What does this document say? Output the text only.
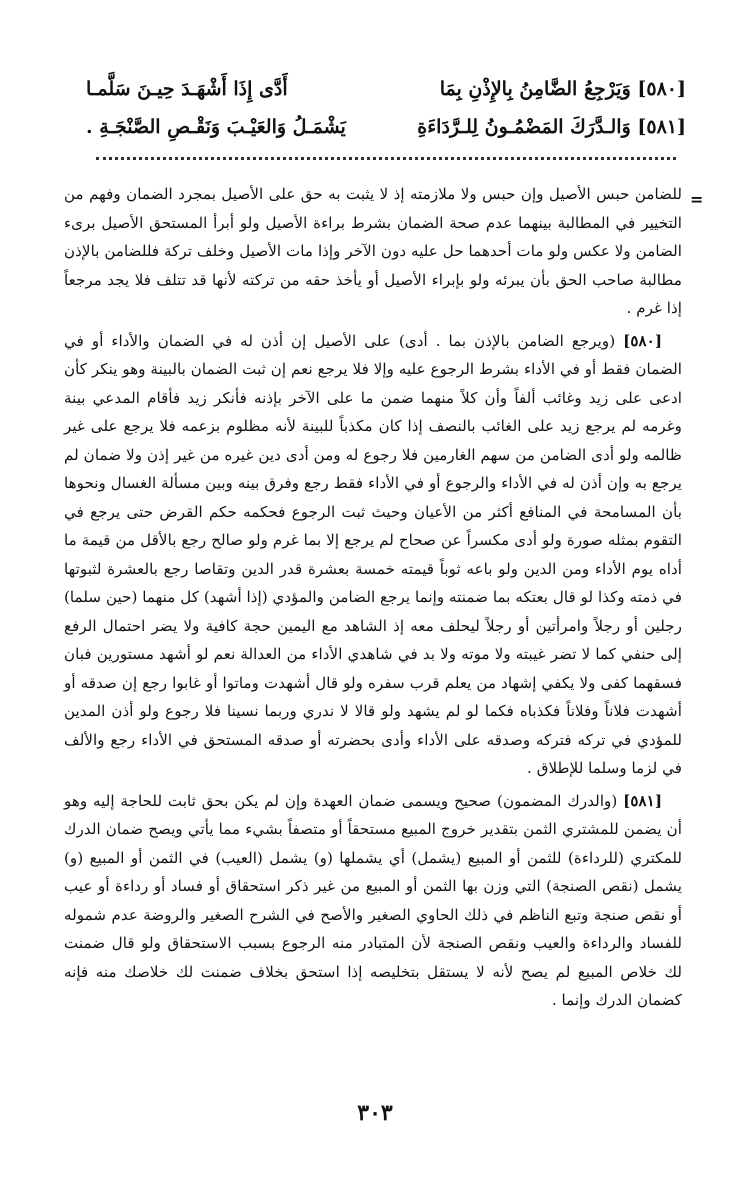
[٥٨٠] وَيَرْجِعُ الضَّامِنُ بِالإِذْنِ بِمَا
أَدَّى إِذَا أَشْهَـدَ حِيـنَ سَلَّمـا
[٥٨١] وَالـدَّرَكَ المَضْمُـونُ لِلـرَّدَاءَةِ
يَشْمَـلُ وَالعَيْـبَ وَنَقْـصِ الصَّنْجَـةِ .
=

للضامن حبس الأصيل وإن حبس ولا ملازمته إذ لا يثبت به حق على الأصيل بمجرد الضمان وفهم من التخيير في المطالبة بينهما عدم صحة الضمان بشرط براءة الأصيل ولو أبرأ المستحق الأصيل برىء الضامن ولا عكس ولو مات أحدهما حل عليه دون الآخر وإذا مات الأصيل وخلف تركة فللضامن بالإذن مطالبة صاحب الحق بأن يبرئه ولو بإبراء الأصيل أو يأخذ حقه من تركته لأنها قد تتلف فلا يجد مرجعاً إذا غرم .

[٥٨٠] (ويرجع الضامن بالإذن بما . أدى) على الأصيل إن أذن له في الضمان والأداء أو في الضمان فقط أو في الأداء بشرط الرجوع عليه وإلا فلا يرجع نعم إن ثبت الضمان بالبينة وهو ينكر كأن ادعى على زيد وغائب ألفاً وأن كلاً منهما ضمن ما على الآخر بإذنه فأنكر زيد فأقام المدعي بينة وغرمه لم يرجع زيد على الغائب بالنصف إذا كان مكذباً للبينة لأنه مظلوم بزعمه فلا يرجع على غير ظالمه ولو أدى الضامن من سهم الغارمين فلا رجوع له ومن أدى دين غيره من غير إذن ولا ضمان لم يرجع به وإن أذن له في الأداء والرجوع أو في الأداء فقط رجع وفرق بينه وبين مسألة الغسال ونحوها بأن المسامحة في المنافع أكثر من الأعيان وحيث ثبت الرجوع فحكمه حكم القرض حتى يرجع في التقوم بمثله صورة ولو أدى مكسراً عن صحاح لم يرجع إلا بما غرم ولو صالح رجع بالأقل من قيمة ما أداه يوم الأداء ومن الدين ولو باعه ثوباً قيمته خمسة بعشرة قدر الدين وتقاصا رجع بالعشرة لثبوتها في ذمته وكذا لو قال بعتكه بما ضمنته وإنما يرجع الضامن والمؤدي (إذا أشهد) كل منهما (حين سلما) رجلين أو رجلاً وامرأتين أو رجلاً ليحلف معه إذ الشاهد مع اليمين حجة كافية ولا يضر احتمال الرفع إلى حنفي كما لا تضر غيبته ولا موته ولا بد في شاهدي الأداء من العدالة نعم لو أشهد مستورين فبان فسقهما كفى ولا يكفي إشهاد من يعلم قرب سفره ولو قال أشهدت وماتوا أو غابوا رجع إن صدقه أو أشهدت فلاناً وفلاناً فكذباه فكما لو لم يشهد ولو قالا لا ندري وربما نسينا فلا رجوع ولو أذن المدين للمؤدي في تركه فتركه وصدقه على الأداء وأدى بحضرته أو صدقه المستحق في الأداء رجع والألف في لزما وسلما للإطلاق .

[٥٨١] (والدرك المضمون) صحيح ويسمى ضمان العهدة وإن لم يكن بحق ثابت للحاجة إليه وهو أن يضمن للمشتري الثمن بتقدير خروج المبيع مستحقاً أو متصفاً بشيء مما يأتي ويصح ضمان الدرك للمكتري (للرداءة) للثمن أو المبيع (يشمل) أي يشملها (و) يشمل (العيب) في الثمن أو المبيع (و) يشمل (نقص الصنجة) التي وزن بها الثمن أو المبيع من غير ذكر استحقاق أو فساد أو رداءة أو عيب أو نقص صنجة وتبع الناظم في ذلك الحاوي الصغير والأصح في الشرح الصغير والروضة عدم شموله للفساد والرداءة والعيب ونقص الصنجة لأن المتبادر منه الرجوع بسبب الاستحقاق ولو قال ضمنت لك خلاص المبيع لم يصح لأنه لا يستقل بتخليصه إذا استحق بخلاف ضمنت لك خلاصك منه فإنه كضمان الدرك وإنما .

٣٠٣
